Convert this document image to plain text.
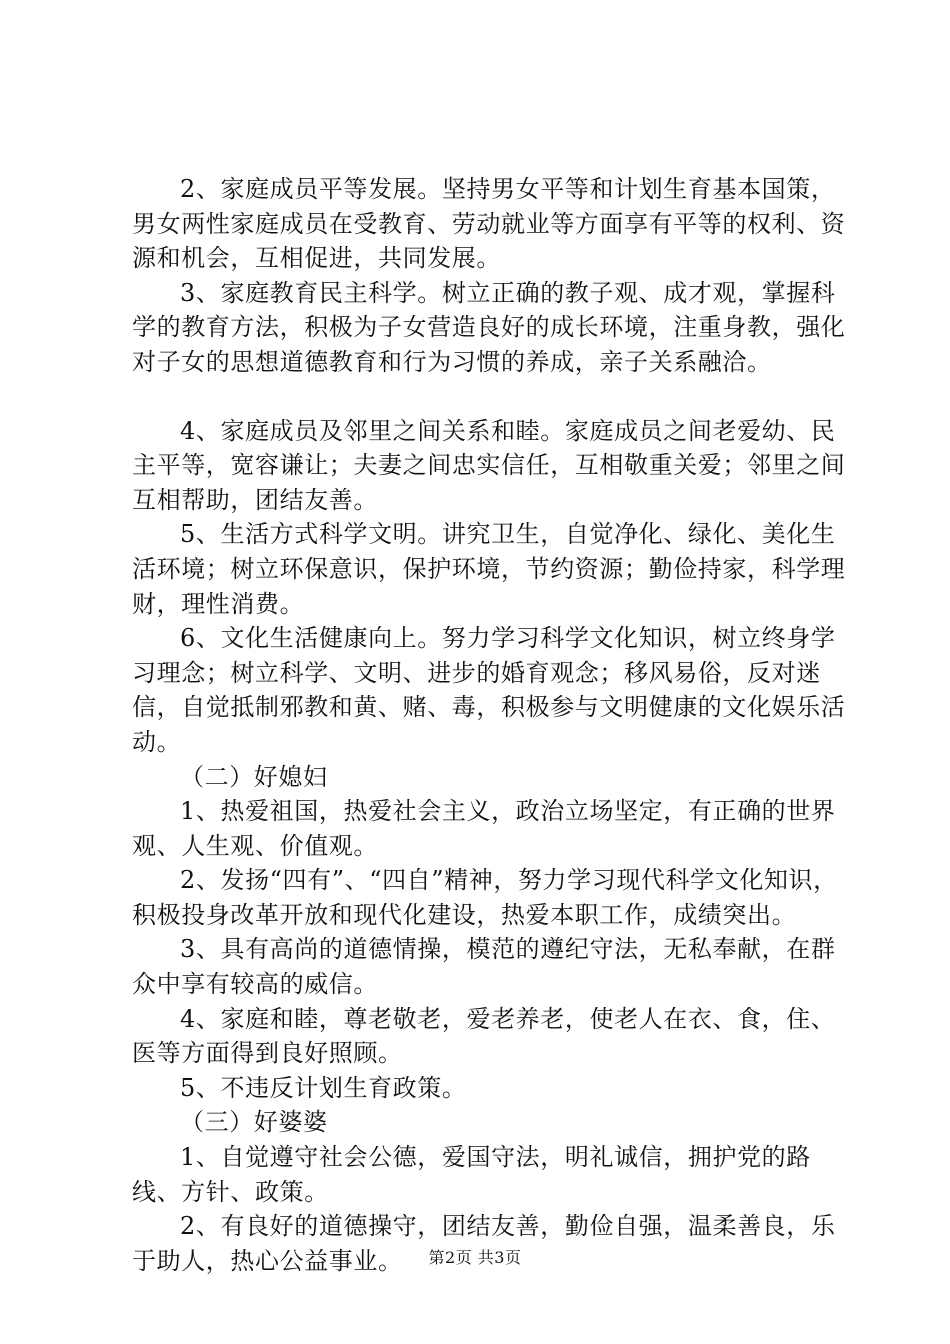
2、家庭成员平等发展。坚持男女平等和计划生育基本国策，男女两性家庭成员在受教育、劳动就业等方面享有平等的权利、资源和机会，互相促进，共同发展。

3、家庭教育民主科学。树立正确的教子观、成才观，掌握科学的教育方法，积极为子女营造良好的成长环境，注重身教，强化对子女的思想道德教育和行为习惯的养成，亲子关系融洽。

4、家庭成员及邻里之间关系和睦。家庭成员之间老爱幼、民主平等，宽容谦让；夫妻之间忠实信任，互相敬重关爱；邻里之间互相帮助，团结友善。

5、生活方式科学文明。讲究卫生，自觉净化、绿化、美化生活环境；树立环保意识，保护环境，节约资源；勤俭持家，科学理财，理性消费。

6、文化生活健康向上。努力学习科学文化知识，树立终身学习理念；树立科学、文明、进步的婚育观念；移风易俗，反对迷信，自觉抵制邪教和黄、赌、毒，积极参与文明健康的文化娱乐活动。

（二）好媳妇

1、热爱祖国，热爱社会主义，政治立场坚定，有正确的世界观、人生观、价值观。

2、发扬“四有”、“四自”精神，努力学习现代科学文化知识，积极投身改革开放和现代化建设，热爱本职工作，成绩突出。

3、具有高尚的道德情操，模范的遵纪守法，无私奉献，在群众中享有较高的威信。

4、家庭和睦，尊老敬老，爱老养老，使老人在衣、食，住、医等方面得到良好照顾。

5、不违反计划生育政策。

（三）好婆婆

1、自觉遵守社会公德，爱国守法，明礼诚信，拥护党的路线、方针、政策。

2、有良好的道德操守，团结友善，勤俭自强，温柔善良，乐于助人，热心公益事业。	第2页 共3页
